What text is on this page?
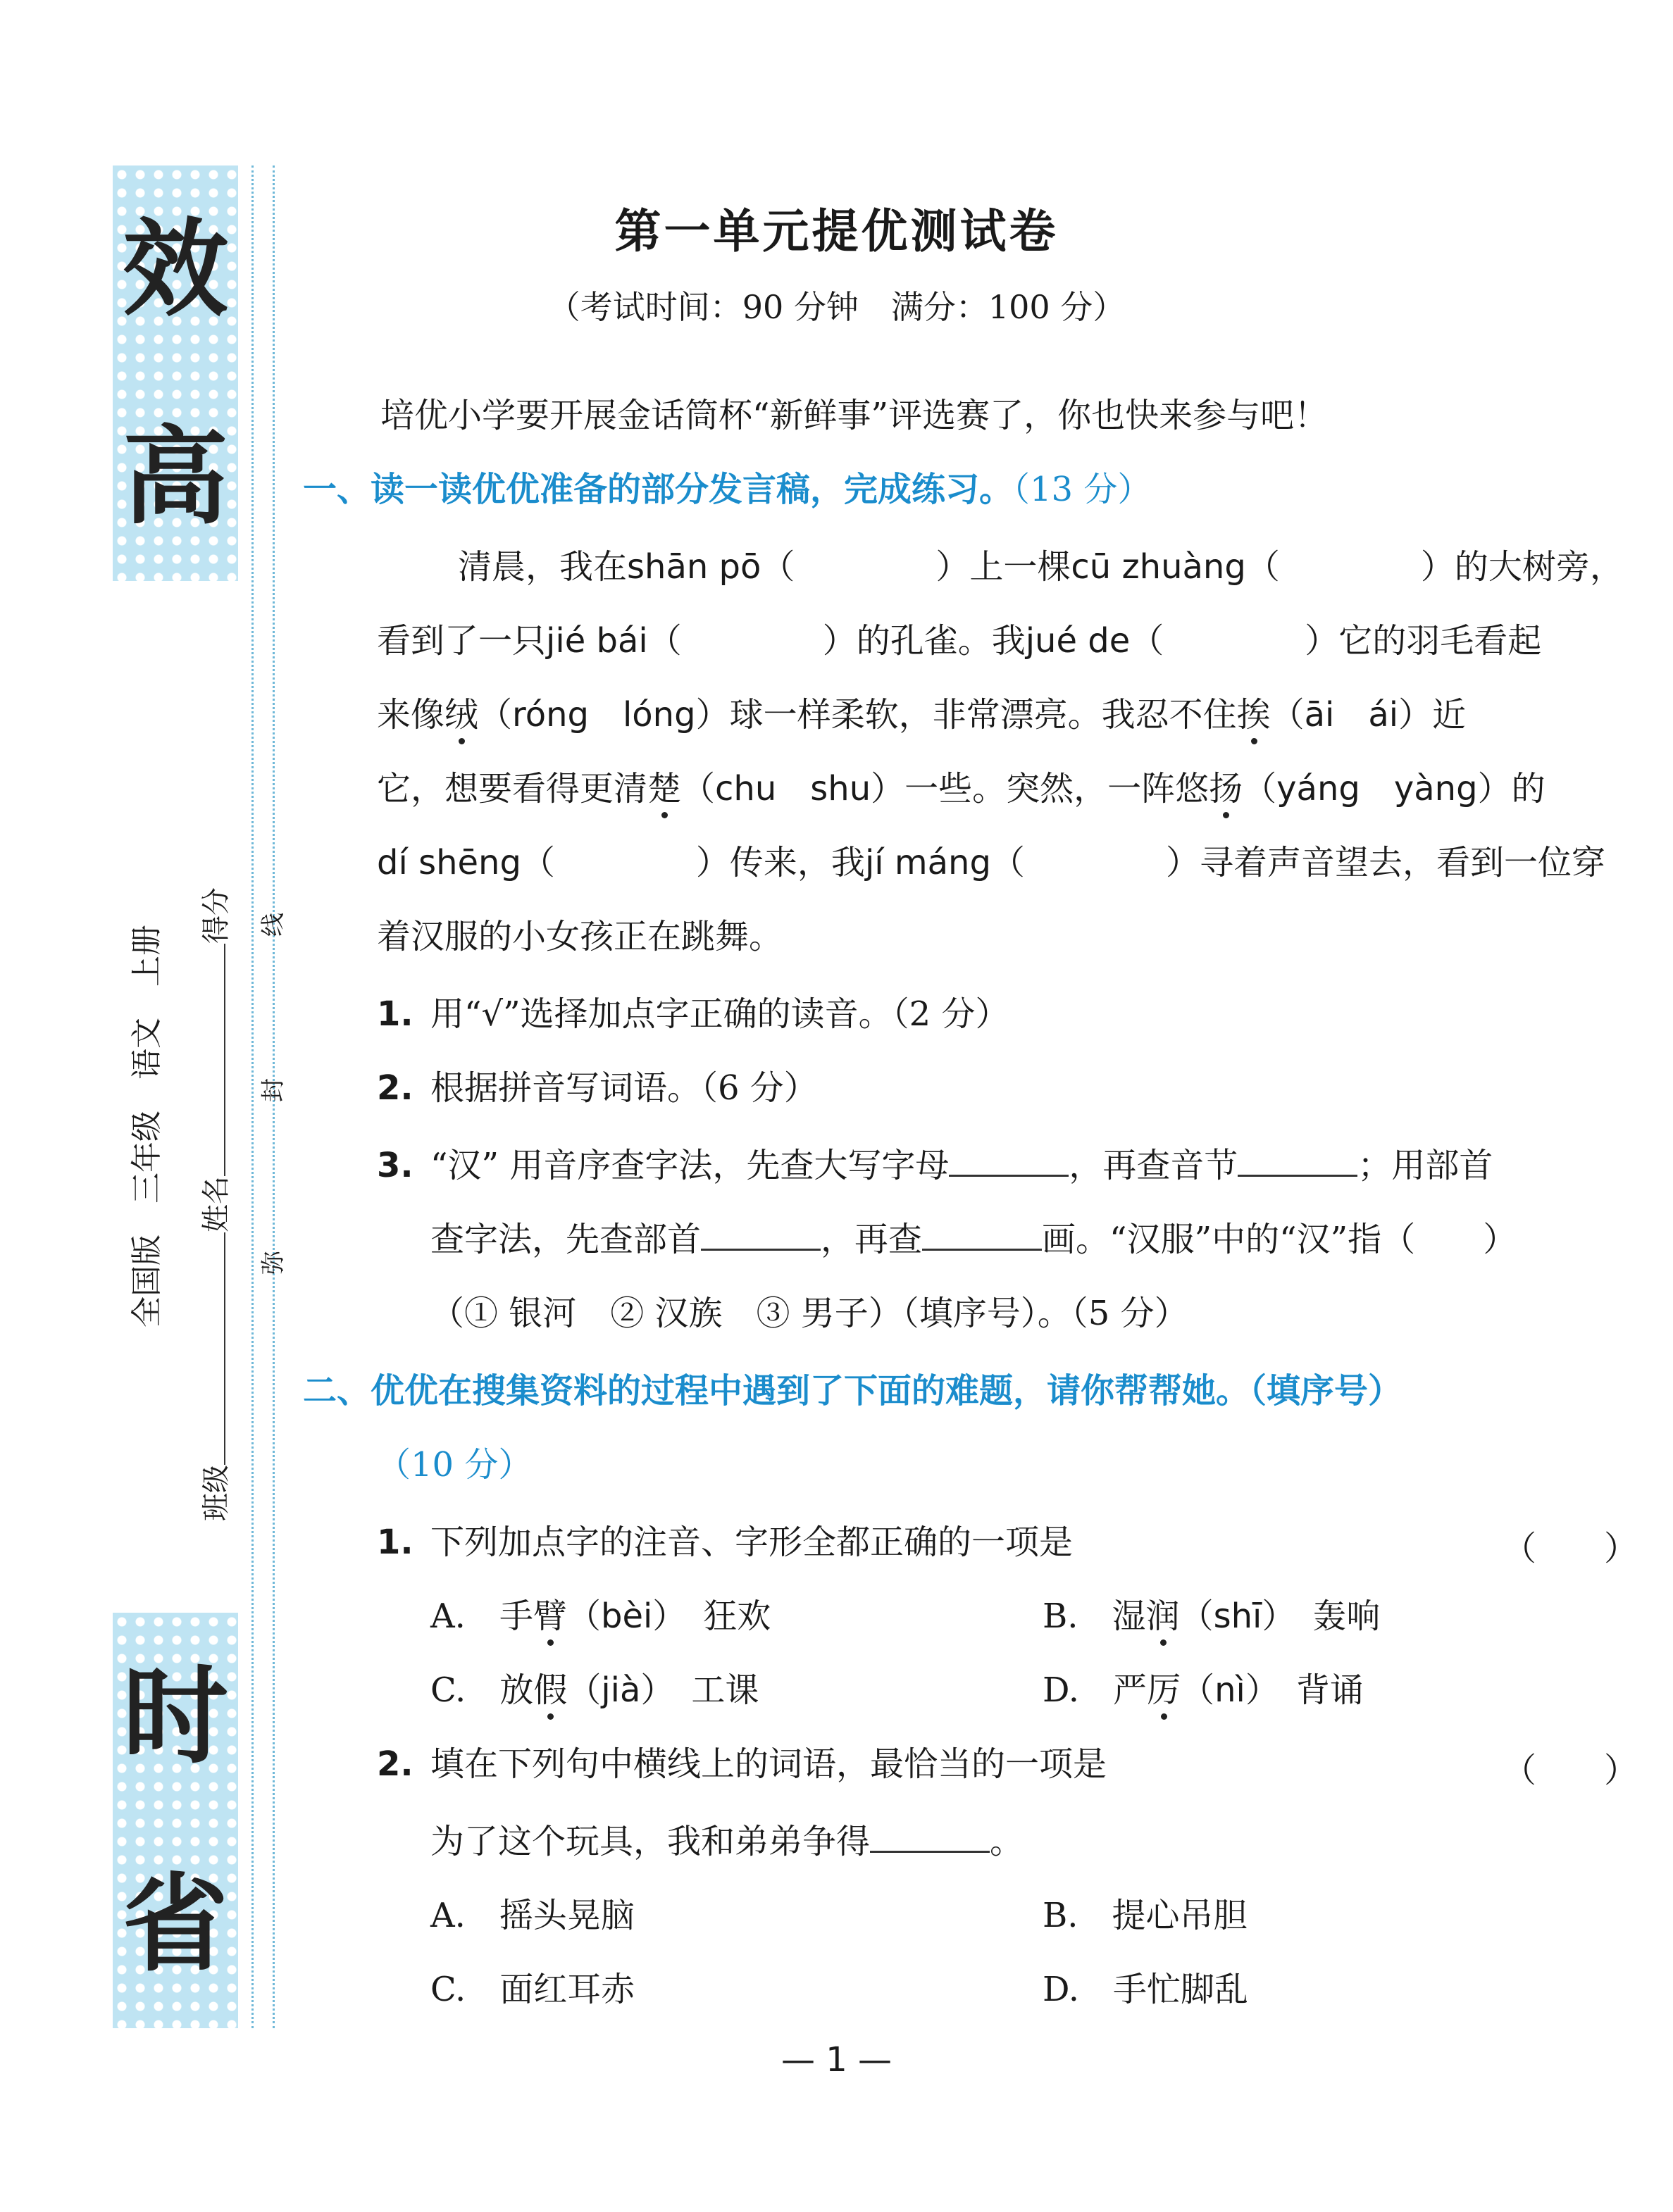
效
高
时
省
全国版　三年级　语文　上册
班级姓名得分
弥
封
线
第一单元提优测试卷
（考试时间：90 分钟　满分：100 分）
培优小学要开展金话筒杯“新鲜事”评选赛了，你也快来参与吧！
一、读一读优优准备的部分发言稿，完成练习。（13 分）
清晨，我在shān pō（	）上一棵cū zhuàng（	）的大树旁，
看到了一只jié bái（	）的孔雀。我jué de（	）它的羽毛看起
来像绒（róng　lóng）球一样柔软，非常漂亮。我忍不住挨（āi　ái）近
它，想要看得更清楚（chu　shu）一些。突然，一阵悠扬（yáng　yàng）的
dí shēng（	）传来，我jí máng（	）寻着声音望去，看到一位穿
着汉服的小女孩正在跳舞。
1. 用“√”选择加点字正确的读音。（2 分）
2. 根据拼音写词语。（6 分）
3. “汉” 用音序查字法，先查大写字母	，再查音节	；用部首
查字法，先查部首	，再查	画。“汉服”中的“汉”指（　　）
（① 银河　② 汉族　③ 男子）（填序号）。（5 分）
二、优优在搜集资料的过程中遇到了下面的难题，请你帮帮她。（填序号）
（10 分）
1. 下列加点字的注音、字形全都正确的一项是	（　　）
A.　 手臂（bèi）　狂欢	B.　 湿润（shī）　轰响
C.　 放假（jià）　工课	D.　 严厉（nì）　背诵
2. 填在下列句中横线上的词语，最恰当的一项是	（　　）
为了这个玩具，我和弟弟争得	。
A.　摇头晃脑	B.　提心吊胆
C.　面红耳赤	D.　手忙脚乱
— 1 —
